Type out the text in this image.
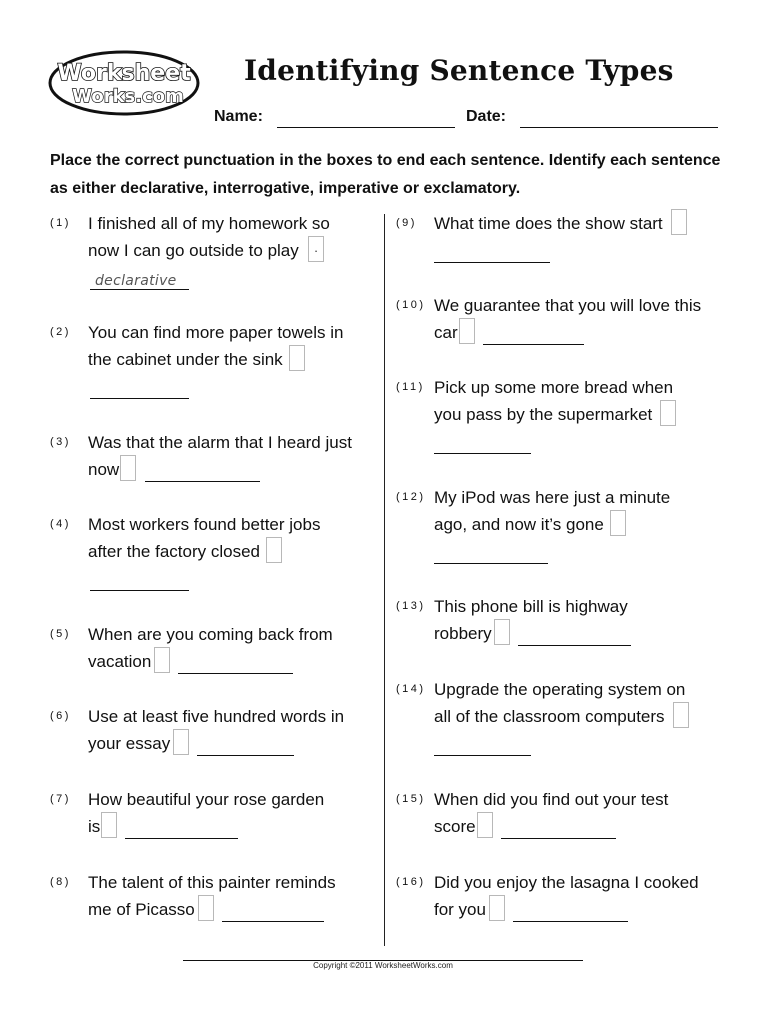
Worksheet
Works.com
Identifying Sentence Types
Name:	Date:
Place the correct punctuation in the boxes to end each sentence. Identify each sentence as either declarative, interrogative, imperative or exclamatory.
(1) I finished all of my homework so
now I can go outside to play	.
declarative
(2) You can find more paper towels in
the cabinet under the sink
(3) Was that the alarm that I heard just
now
(4) Most workers found better jobs
after the factory closed
(5) When are you coming back from
vacation
(6) Use at least five hundred words in
your essay
(7) How beautiful your rose garden
is
(8) The talent of this painter reminds
me of Picasso
(9) What time does the show start
(10) We guarantee that you will love this
car
(11) Pick up some more bread when
you pass by the supermarket
(12) My iPod was here just a minute
ago, and now it’s gone
(13) This phone bill is highway
robbery
(14) Upgrade the operating system on
all of the classroom computers
(15) When did you find out your test
score
(16) Did you enjoy the lasagna I cooked
for you
Copyright ©2011 WorksheetWorks.com
